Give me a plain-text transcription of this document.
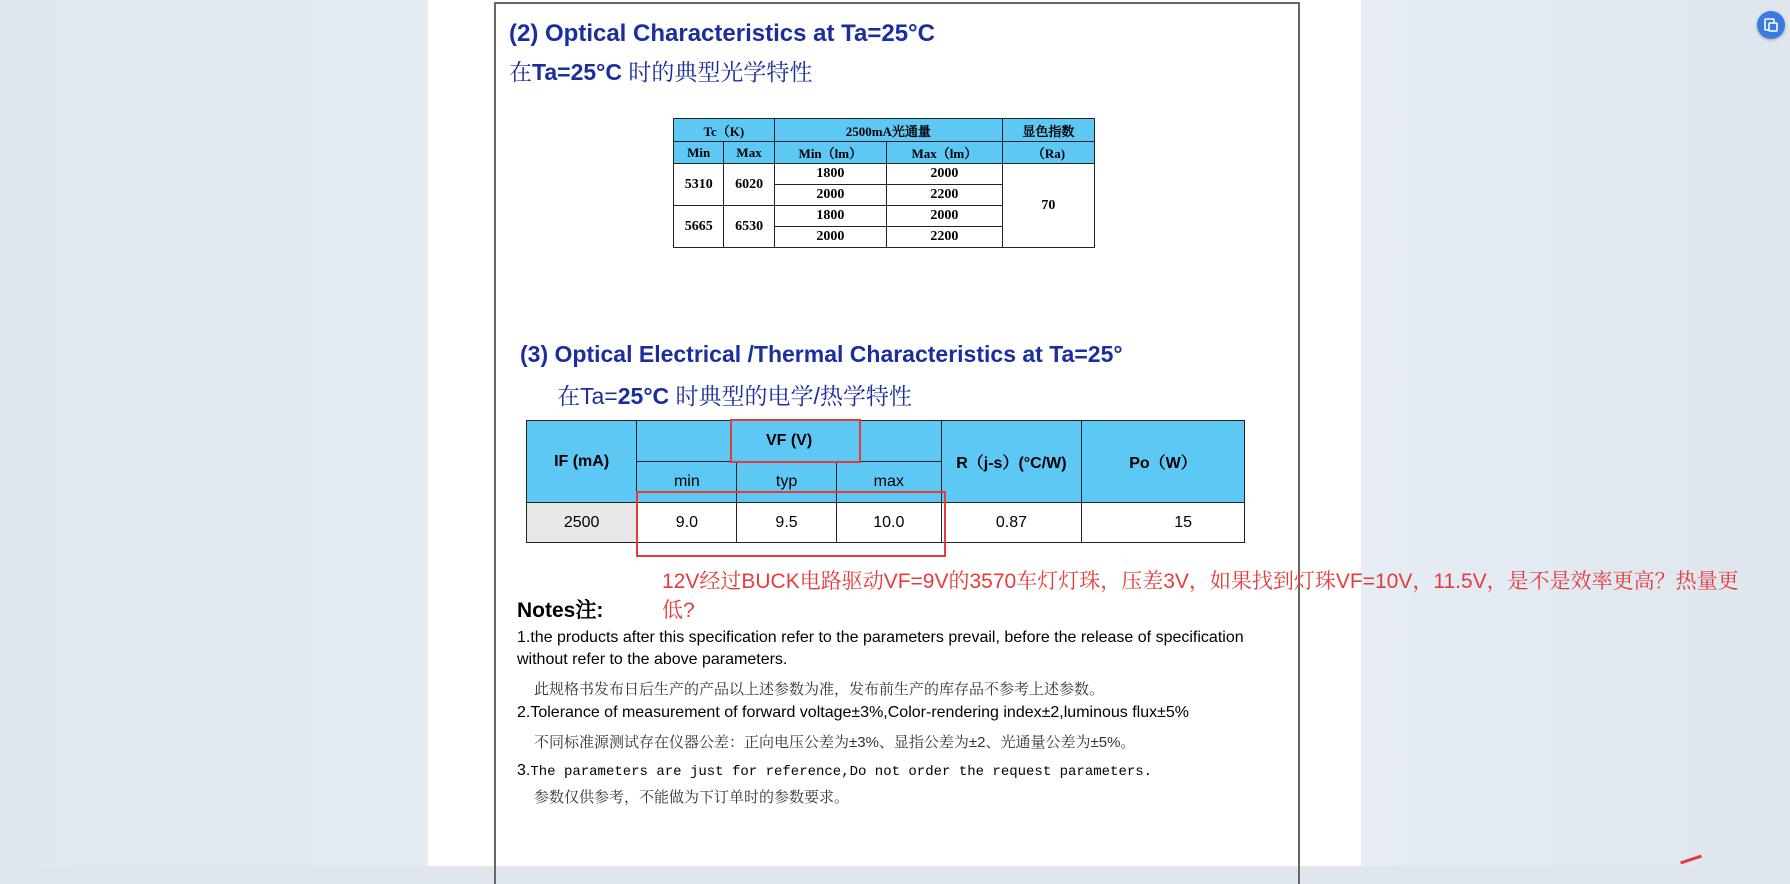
(2) Optical Characteristics at Ta=25°C
在Ta=25°C 时的典型光学特性
Tc（K)		2500mA光通量		显色指数
Min	Max	Min（lm）	Max（lm）	（Ra)
5310	6020	1800	2000	70
		2000	2200	
5665	6530	1800	2000	
		2000	2200	
(3) Optical Electrical /Thermal Characteristics at Ta=25°
在Ta=25°C 时典型的电学/热学特性
IF (mA)	VF (V)			R（j-s）(°C/W)	Po（W）
	min	typ	max		
2500	9.0	9.5	10.0	0.87	15
12V经过BUCK电路驱动VF=9V的3570车灯灯珠，压差3V，如果找到灯珠VF=10V，11.5V，是不是效率更高？热量更低?
Notes注:
1.the products after this specification refer to the parameters prevail, before the release of specification without refer to the above parameters.
此规格书发布日后生产的产品以上述参数为准，发布前生产的库存品不参考上述参数。
2.Tolerance of measurement of forward voltage±3%,Color-rendering index±2,luminous flux±5%
不同标准源测试存在仪器公差：正向电压公差为±3%、显指公差为±2、光通量公差为±5%。
3.The parameters are just for reference,Do not order the request parameters.
参数仅供参考，不能做为下订单时的参数要求。
